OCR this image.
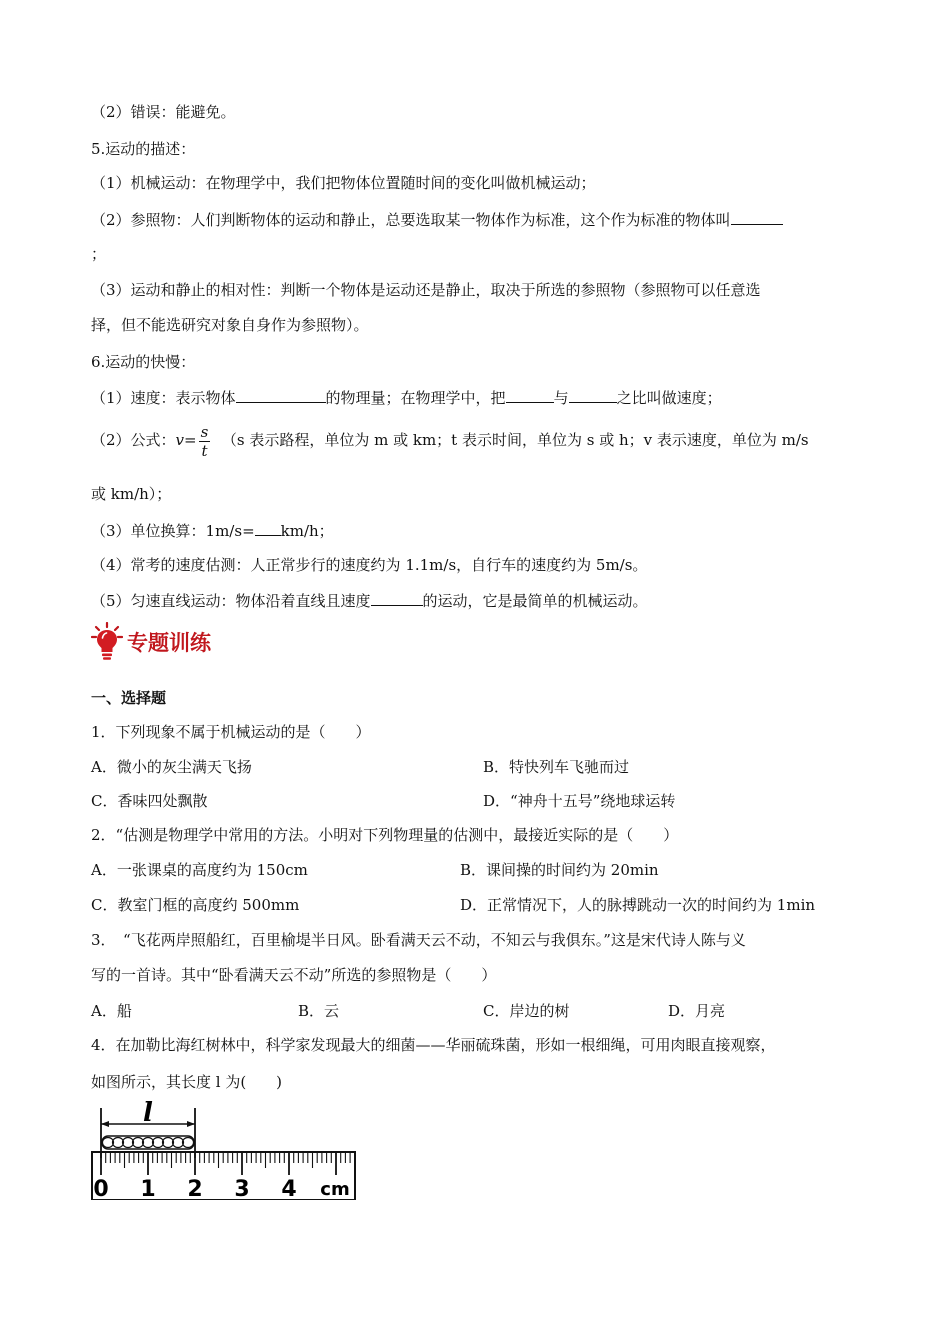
（2）错误：能避免。
5.运动的描述：
（1）机械运动：在物理学中，我们把物体位置随时间的变化叫做机械运动；
（2）参照物：人们判断物体的运动和静止，总要选取某一物体作为标准，这个作为标准的物体叫
；
（3）运动和静止的相对性：判断一个物体是运动还是静止，取决于所选的参照物（参照物可以任意选
择，但不能选研究对象自身作为参照物）。
6.运动的快慢：
（1）速度：表示物体	的物理量；在物理学中，把	与	之比叫做速度；
（2）公式：$v= \frac{s}{t} (s$ 表示路程，单位为 m 或 km；t 表示时间，单位为 s 或 h；v 表示速度，单位为 m/s
或 km/h）；
（3）单位换算：1m/s= km/h；
（4）常考的速度估测：人正常步行的速度约为 1.1m/s，自行车的速度约为 5m/s。
（5）匀速直线运动：物体沿着直线且速度	的运动，它是最简单的机械运动。
专题训练
一、选择题
1．下列现象不属于机械运动的是（　　）
A．微小的灰尘满天飞扬	B．特快列车飞驰而过
C．香味四处飘散	D．“神舟十五号”绕地球运转
2．“估测是物理学中常用的方法。小明对下列物理量的估测中，最接近实际的是（　　）
A．一张课桌的高度约为 150cm	B．课间操的时间约为 20min
C．教室门框的高度约 500mm	D．正常情况下，人的脉搏跳动一次的时间约为 1min
3．　“飞花两岸照船红，百里榆堤半日风。卧看满天云不动，不知云与我俱东。”这是宋代诗人陈与义
写的一首诗。其中“卧看满天云不动”所选的参照物是（　　）
A．船	B．云	C．岸边的树	D．月亮
4．在加勒比海红树林中，科学家发现最大的细菌——华丽硫珠菌，形如一根细绳，可用肉眼直接观察，
如图所示，其长度 l 为(　　)
l
0 1 2 3 4 cm
